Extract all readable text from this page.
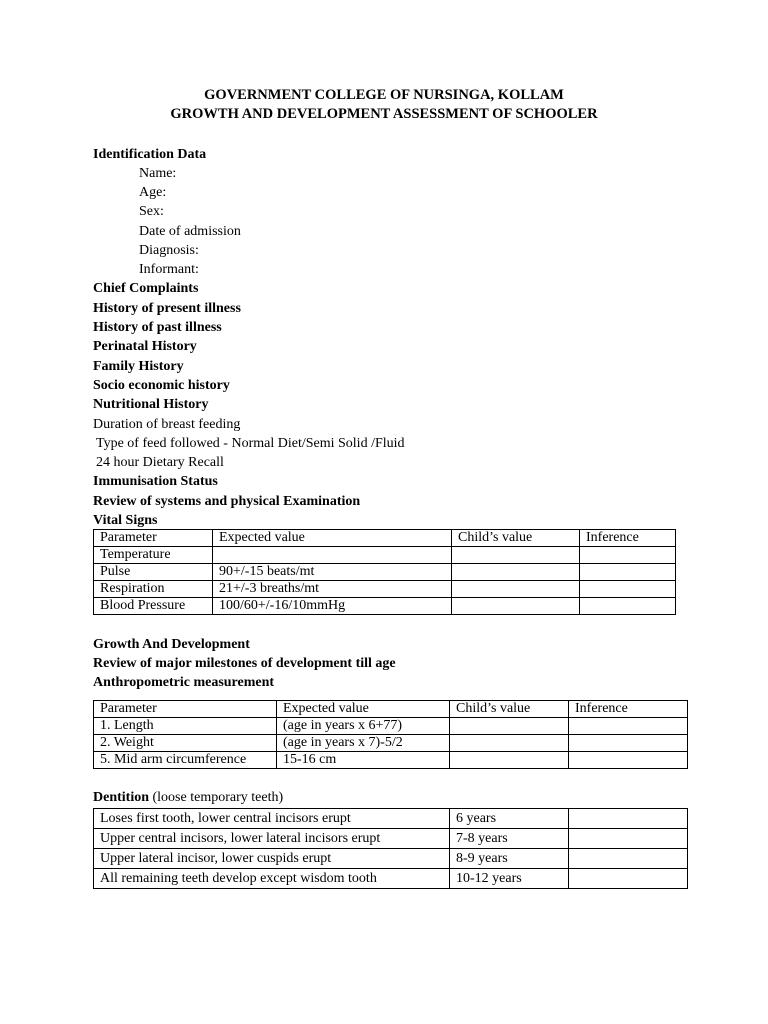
GOVERNMENT COLLEGE OF NURSINGA, KOLLAM
GROWTH AND DEVELOPMENT ASSESSMENT OF SCHOOLER
Identification Data
Name:
Age:
Sex:
Date of admission
Diagnosis:
Informant:
Chief Complaints
History of present illness
History of past illness
Perinatal History
Family History
Socio economic history
Nutritional History
Duration of breast feeding
Type of feed followed - Normal Diet/Semi Solid /Fluid
24 hour Dietary Recall
Immunisation Status
Review of systems and physical Examination
Vital Signs
Parameter	Expected value	Child’s value	Inference
Temperature			
Pulse	90+/-15 beats/mt		
Respiration	21+/-3 breaths/mt		
Blood Pressure	100/60+/-16/10mmHg		
Growth And Development
Review of major milestones of development till age
Anthropometric measurement
Parameter	Expected value	Child’s value	Inference
1. Length	(age in years x 6+77)		
2. Weight	(age in years x 7)-5/2		
5. Mid arm circumference	15-16 cm		
Dentition (loose temporary teeth)
Loses first tooth, lower central incisors erupt	6 years	
Upper central incisors, lower lateral incisors erupt	7-8 years	
Upper lateral incisor, lower cuspids erupt	8-9 years	
All remaining teeth develop except wisdom tooth	10-12 years	
